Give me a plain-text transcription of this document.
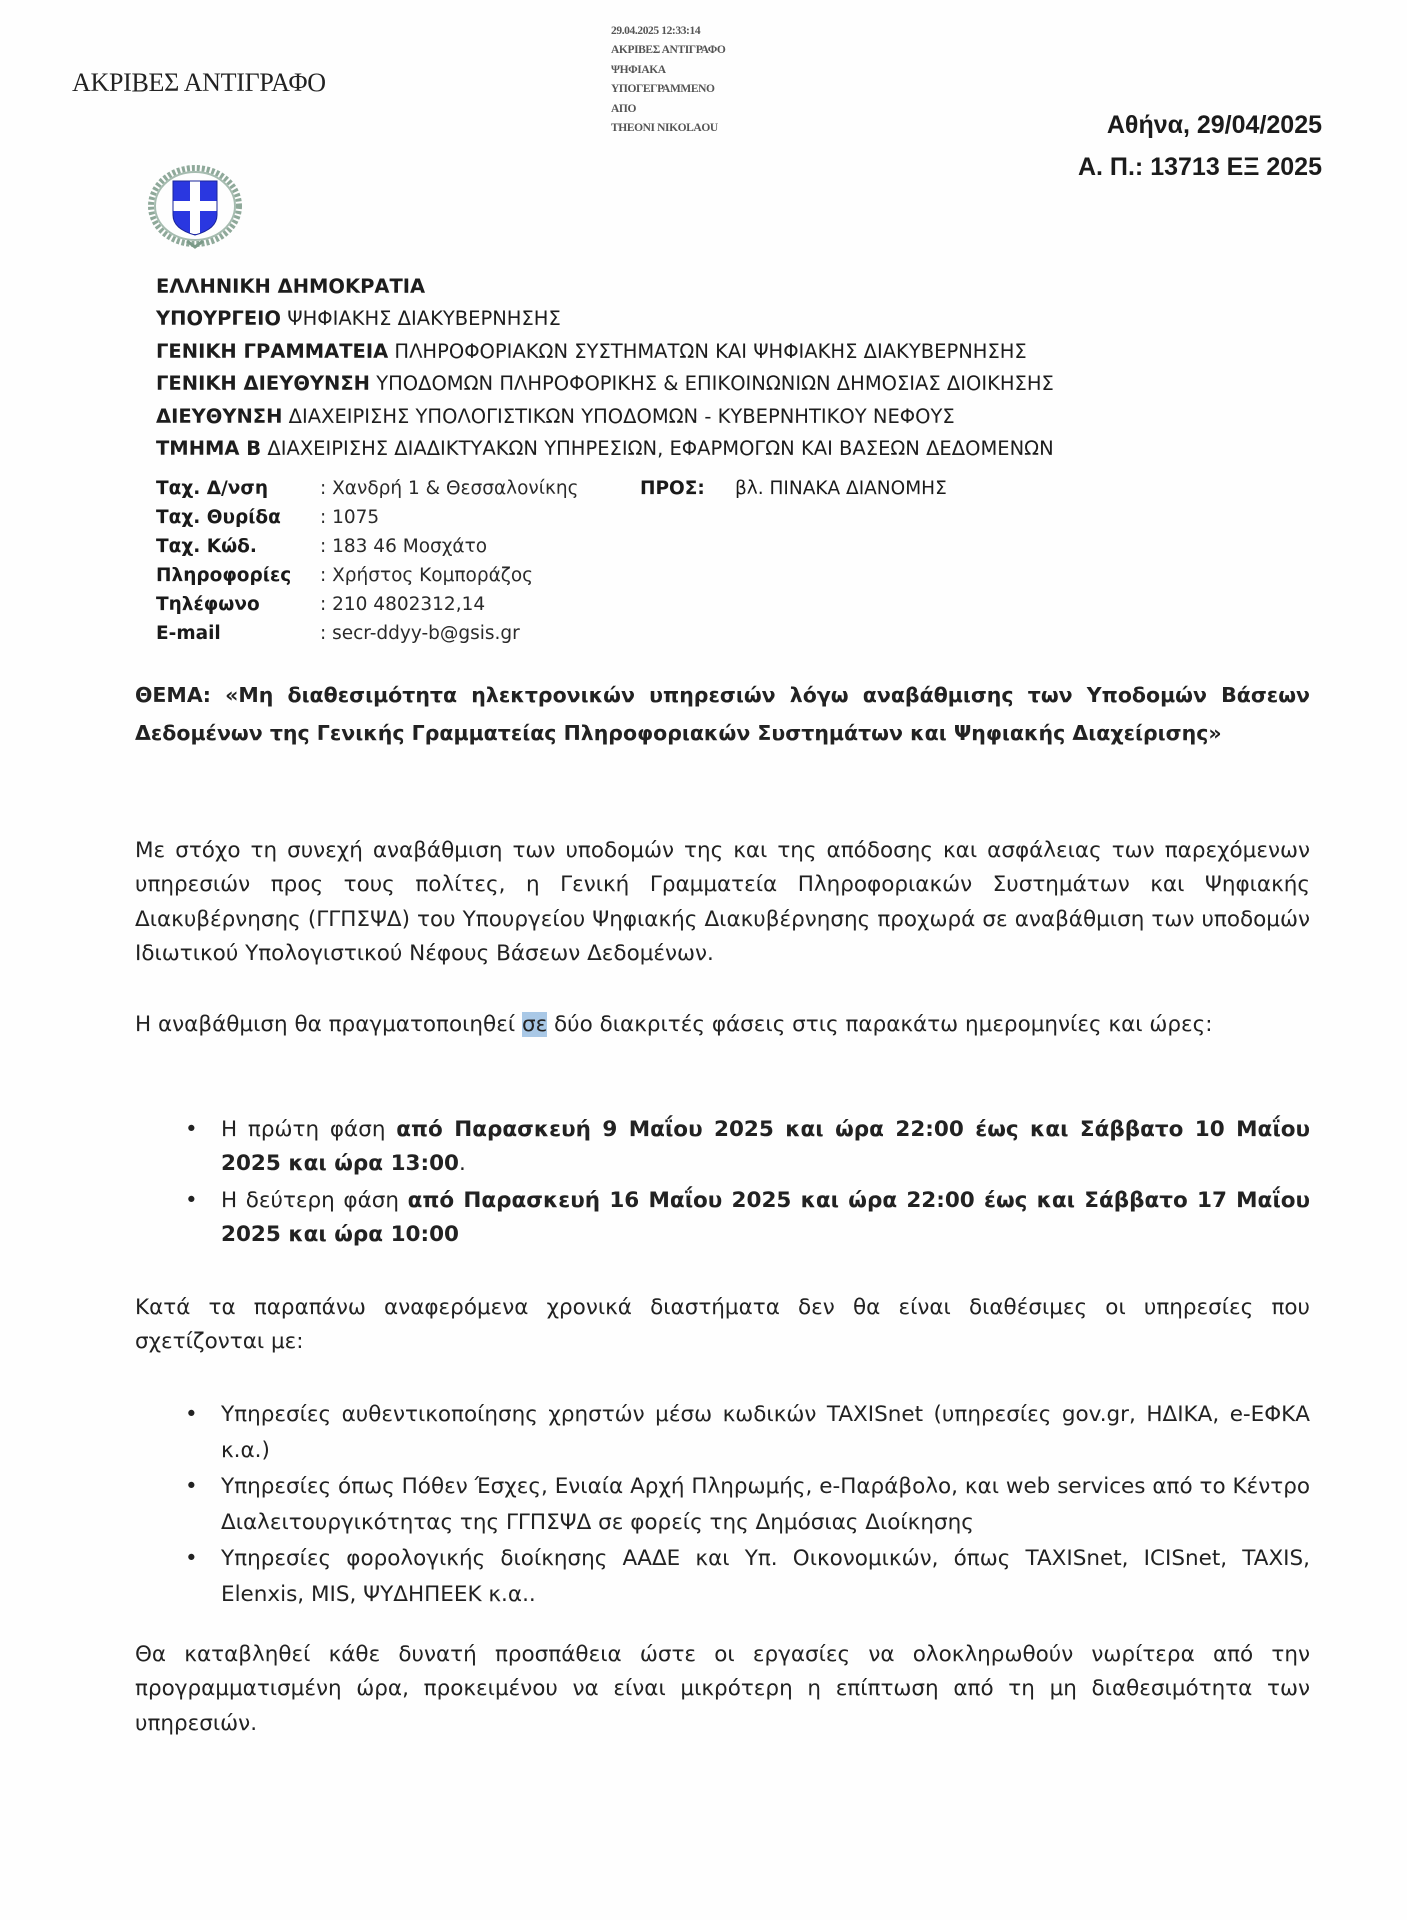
ΑΚΡΙΒΕΣ ΑΝΤΙΓΡΑΦΟ
29.04.2025 12:33:14
ΑΚΡΙΒΕΣ ΑΝΤΙΓΡΑΦΟ
ΨΗΦΙΑΚΑ
ΥΠΟΓΕΓΡΑΜΜΕΝΟ
ΑΠΟ
THEONI NIKOLAOU	Αθήνα, 29/04/2025
Α. Π.: 13713 ΕΞ 2025
ΕΛΛΗΝΙΚΗ ΔΗΜΟΚΡΑΤΙΑ
ΥΠΟΥΡΓΕΙΟ ΨΗΦΙΑΚΗΣ ΔΙΑΚΥΒΕΡΝΗΣΗΣ
ΓΕΝΙΚΗ ΓΡΑΜΜΑΤΕΙΑ ΠΛΗΡΟΦΟΡΙΑΚΩΝ ΣΥΣΤΗΜΑΤΩΝ ΚΑΙ ΨΗΦΙΑΚΗΣ ΔΙΑΚΥΒΕΡΝΗΣΗΣ
ΓΕΝΙΚΗ ΔΙΕΥΘΥΝΣΗ ΥΠΟΔΟΜΩΝ ΠΛΗΡΟΦΟΡΙΚΗΣ & ΕΠΙΚΟΙΝΩΝΙΩΝ ΔΗΜΟΣΙΑΣ ΔΙΟΙΚΗΣΗΣ
ΔΙΕΥΘΥΝΣΗ ΔΙΑΧΕΙΡΙΣΗΣ ΥΠΟΛΟΓΙΣΤΙΚΩΝ ΥΠΟΔΟΜΩΝ - ΚΥΒΕΡΝΗΤΙΚΟΥ ΝΕΦΟΥΣ
ΤΜΗΜΑ Β ΔΙΑΧΕΙΡΙΣΗΣ ΔΙΑΔΙΚΤΥΑΚΩΝ ΥΠΗΡΕΣΙΩΝ, ΕΦΑΡΜΟΓΩΝ ΚΑΙ ΒΑΣΕΩΝ ΔΕΔΟΜΕΝΩΝ
Ταχ. Δ/νση	: Χανδρή 1 & Θεσσαλονίκης
Ταχ. Θυρίδα	: 1075
Ταχ. Κώδ.	: 183 46 Μοσχάτο
Πληροφορίες	: Χρήστος Κομποράζος
Τηλέφωνο	: 210 4802312,14
E-mail	: secr-ddyy-b@gsis.gr
ΠΡΟΣ: βλ. ΠΙΝΑΚΑ ΔΙΑΝΟΜΗΣ

ΘΕΜΑ: «Μη διαθεσιμότητα ηλεκτρονικών υπηρεσιών λόγω αναβάθμισης των Υποδομών Βάσεων Δεδομένων της Γενικής Γραμματείας Πληροφοριακών Συστημάτων και Ψηφιακής Διαχείρισης»

Με στόχο τη συνεχή αναβάθμιση των υποδομών της και της απόδοσης και ασφάλειας των παρεχόμενων υπηρεσιών προς τους πολίτες, η Γενική Γραμματεία Πληροφοριακών Συστημάτων και Ψηφιακής Διακυβέρνησης (ΓΓΠΣΨΔ) του Υπουργείου Ψηφιακής Διακυβέρνησης προχωρά σε αναβάθμιση των υποδομών Ιδιωτικού Υπολογιστικού Νέφους Βάσεων Δεδομένων.

Η αναβάθμιση θα πραγματοποιηθεί σε δύο διακριτές φάσεις στις παρακάτω ημερομηνίες και ώρες:

• Η πρώτη φάση από Παρασκευή 9 Μαΐου 2025 και ώρα 22:00 έως και Σάββατο 10 Μαΐου 2025 και ώρα 13:00.
• Η δεύτερη φάση από Παρασκευή 16 Μαΐου 2025 και ώρα 22:00 έως και Σάββατο 17 Μαΐου 2025 και ώρα 10:00

Κατά τα παραπάνω αναφερόμενα χρονικά διαστήματα δεν θα είναι διαθέσιμες οι υπηρεσίες που σχετίζονται με:

• Υπηρεσίες αυθεντικοποίησης χρηστών μέσω κωδικών TAXISnet (υπηρεσίες gov.gr, ΗΔΙΚΑ, e-ΕΦΚΑ κ.α.)
• Υπηρεσίες όπως Πόθεν Έσχες, Ενιαία Αρχή Πληρωμής, e-Παράβολο, και web services από το Κέντρο Διαλειτουργικότητας της ΓΓΠΣΨΔ σε φορείς της Δημόσιας Διοίκησης
• Υπηρεσίες φορολογικής διοίκησης ΑΑΔΕ και Υπ. Οικονομικών, όπως TAXISnet, ICISnet, TAXIS, Elenxis, MIS, ΨΥΔΗΠΕΕΚ κ.α..

Θα καταβληθεί κάθε δυνατή προσπάθεια ώστε οι εργασίες να ολοκληρωθούν νωρίτερα από την προγραμματισμένη ώρα, προκειμένου να είναι μικρότερη η επίπτωση από τη μη διαθεσιμότητα των υπηρεσιών.
